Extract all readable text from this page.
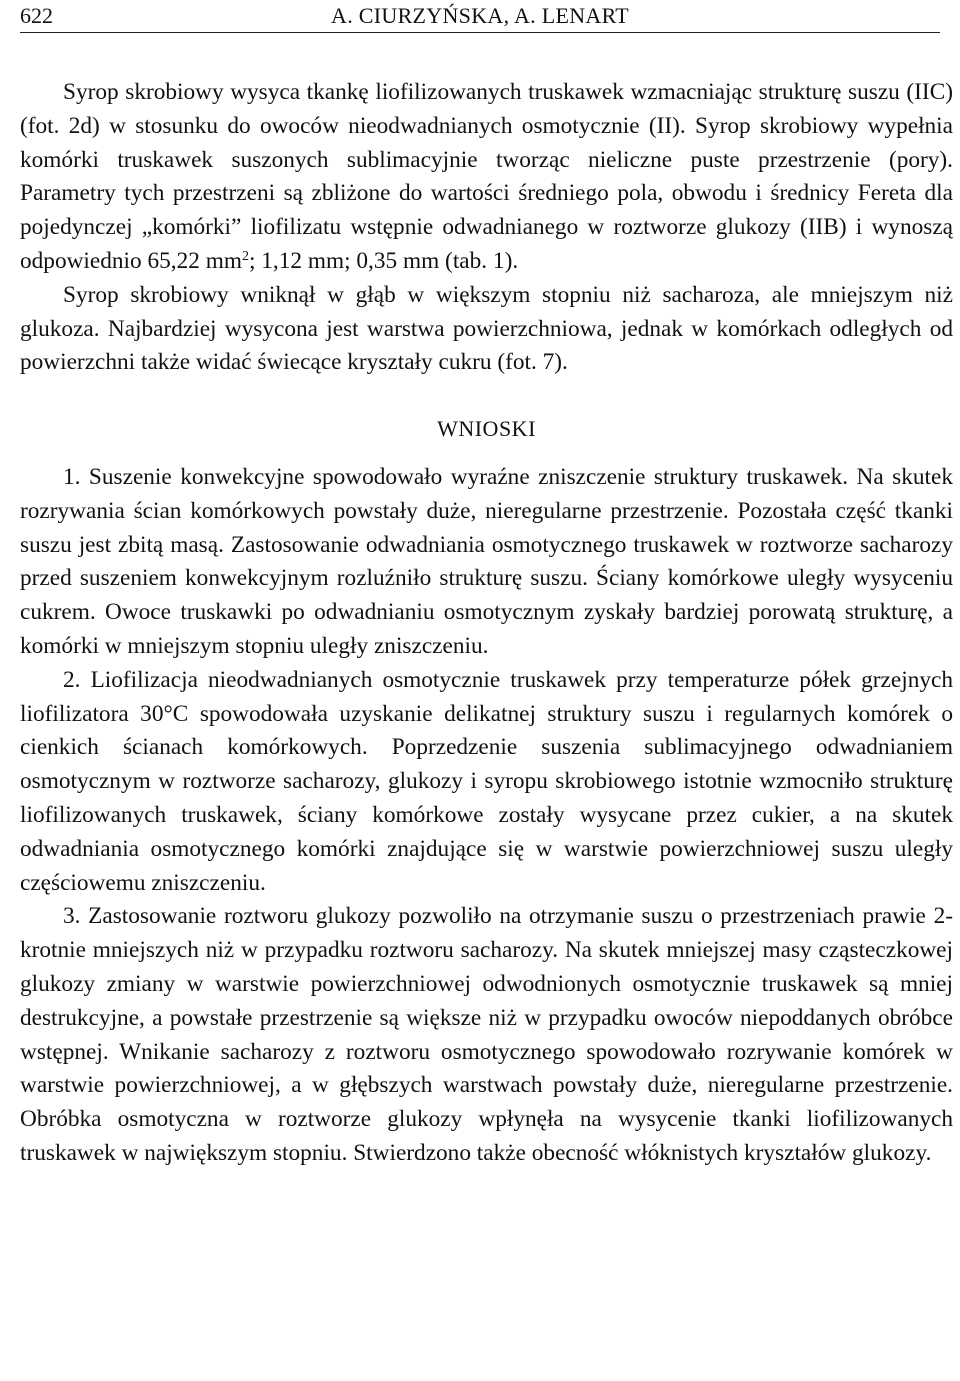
622	A. CIURZYŃSKA, A. LENART

Syrop skrobiowy wysyca tkankę liofilizowanych truskawek wzmacniając strukturę suszu (IIC) (fot. 2d) w stosunku do owoców nieodwadnianych osmotycznie (II). Syrop skrobiowy wypełnia komórki truskawek suszonych sublimacyjnie tworząc nieliczne puste przestrzenie (pory). Parametry tych przestrzeni są zbliżone do wartości średniego pola, obwodu i średnicy Fereta dla pojedynczej „komórki” liofilizatu wstępnie odwadnianego w roztworze glukozy (IIB) i wynoszą odpowiednio 65,22 $mm^2$; 1,12 mm; 0,35 mm (tab. 1).

Syrop skrobiowy wniknął w głąb w większym stopniu niż sacharoza, ale mniejszym niż glukoza. Najbardziej wysycona jest warstwa powierzchniowa, jednak w komórkach odległych od powierzchni także widać świecące kryształy cukru (fot. 7).

WNIOSKI

1. Suszenie konwekcyjne spowodowało wyraźne zniszczenie struktury truskawek. Na skutek rozrywania ścian komórkowych powstały duże, nieregularne przestrzenie. Pozostała część tkanki suszu jest zbitą masą. Zastosowanie odwadniania osmotycznego truskawek w roztworze sacharozy przed suszeniem konwekcyjnym rozluźniło strukturę suszu. Ściany komórkowe uległy wysyceniu cukrem. Owoce truskawki po odwadnianiu osmotycznym zyskały bardziej porowatą strukturę, a komórki w mniejszym stopniu uległy zniszczeniu.

2. Liofilizacja nieodwadnianych osmotycznie truskawek przy temperaturze półek grzejnych liofilizatora 30°C spowodowała uzyskanie delikatnej struktury suszu i regularnych komórek o cienkich ścianach komórkowych. Poprzedzenie suszenia sublimacyjnego odwadnianiem osmotycznym w roztworze sacharozy, glukozy i syropu skrobiowego istotnie wzmocniło strukturę liofilizowanych truskawek, ściany komórkowe zostały wysycane przez cukier, a na skutek odwadniania osmotycznego komórki znajdujące się w warstwie powierzchniowej suszu uległy częściowemu zniszczeniu.

3. Zastosowanie roztworu glukozy pozwoliło na otrzymanie suszu o przestrzeniach prawie 2-krotnie mniejszych niż w przypadku roztworu sacharozy. Na skutek mniejszej masy cząsteczkowej glukozy zmiany w warstwie powierzchniowej odwodnionych osmotycznie truskawek są mniej destrukcyjne, a powstałe przestrzenie są większe niż w przypadku owoców niepoddanych obróbce wstępnej. Wnikanie sacharozy z roztworu osmotycznego spowodowało rozrywanie komórek w warstwie powierzchniowej, a w głębszych warstwach powstały duże, nieregularne przestrzenie. Obróbka osmotyczna w roztworze glukozy wpłynęła na wysycenie tkanki liofilizowanych truskawek w największym stopniu. Stwierdzono także obecność włóknistych kryształów glukozy.
